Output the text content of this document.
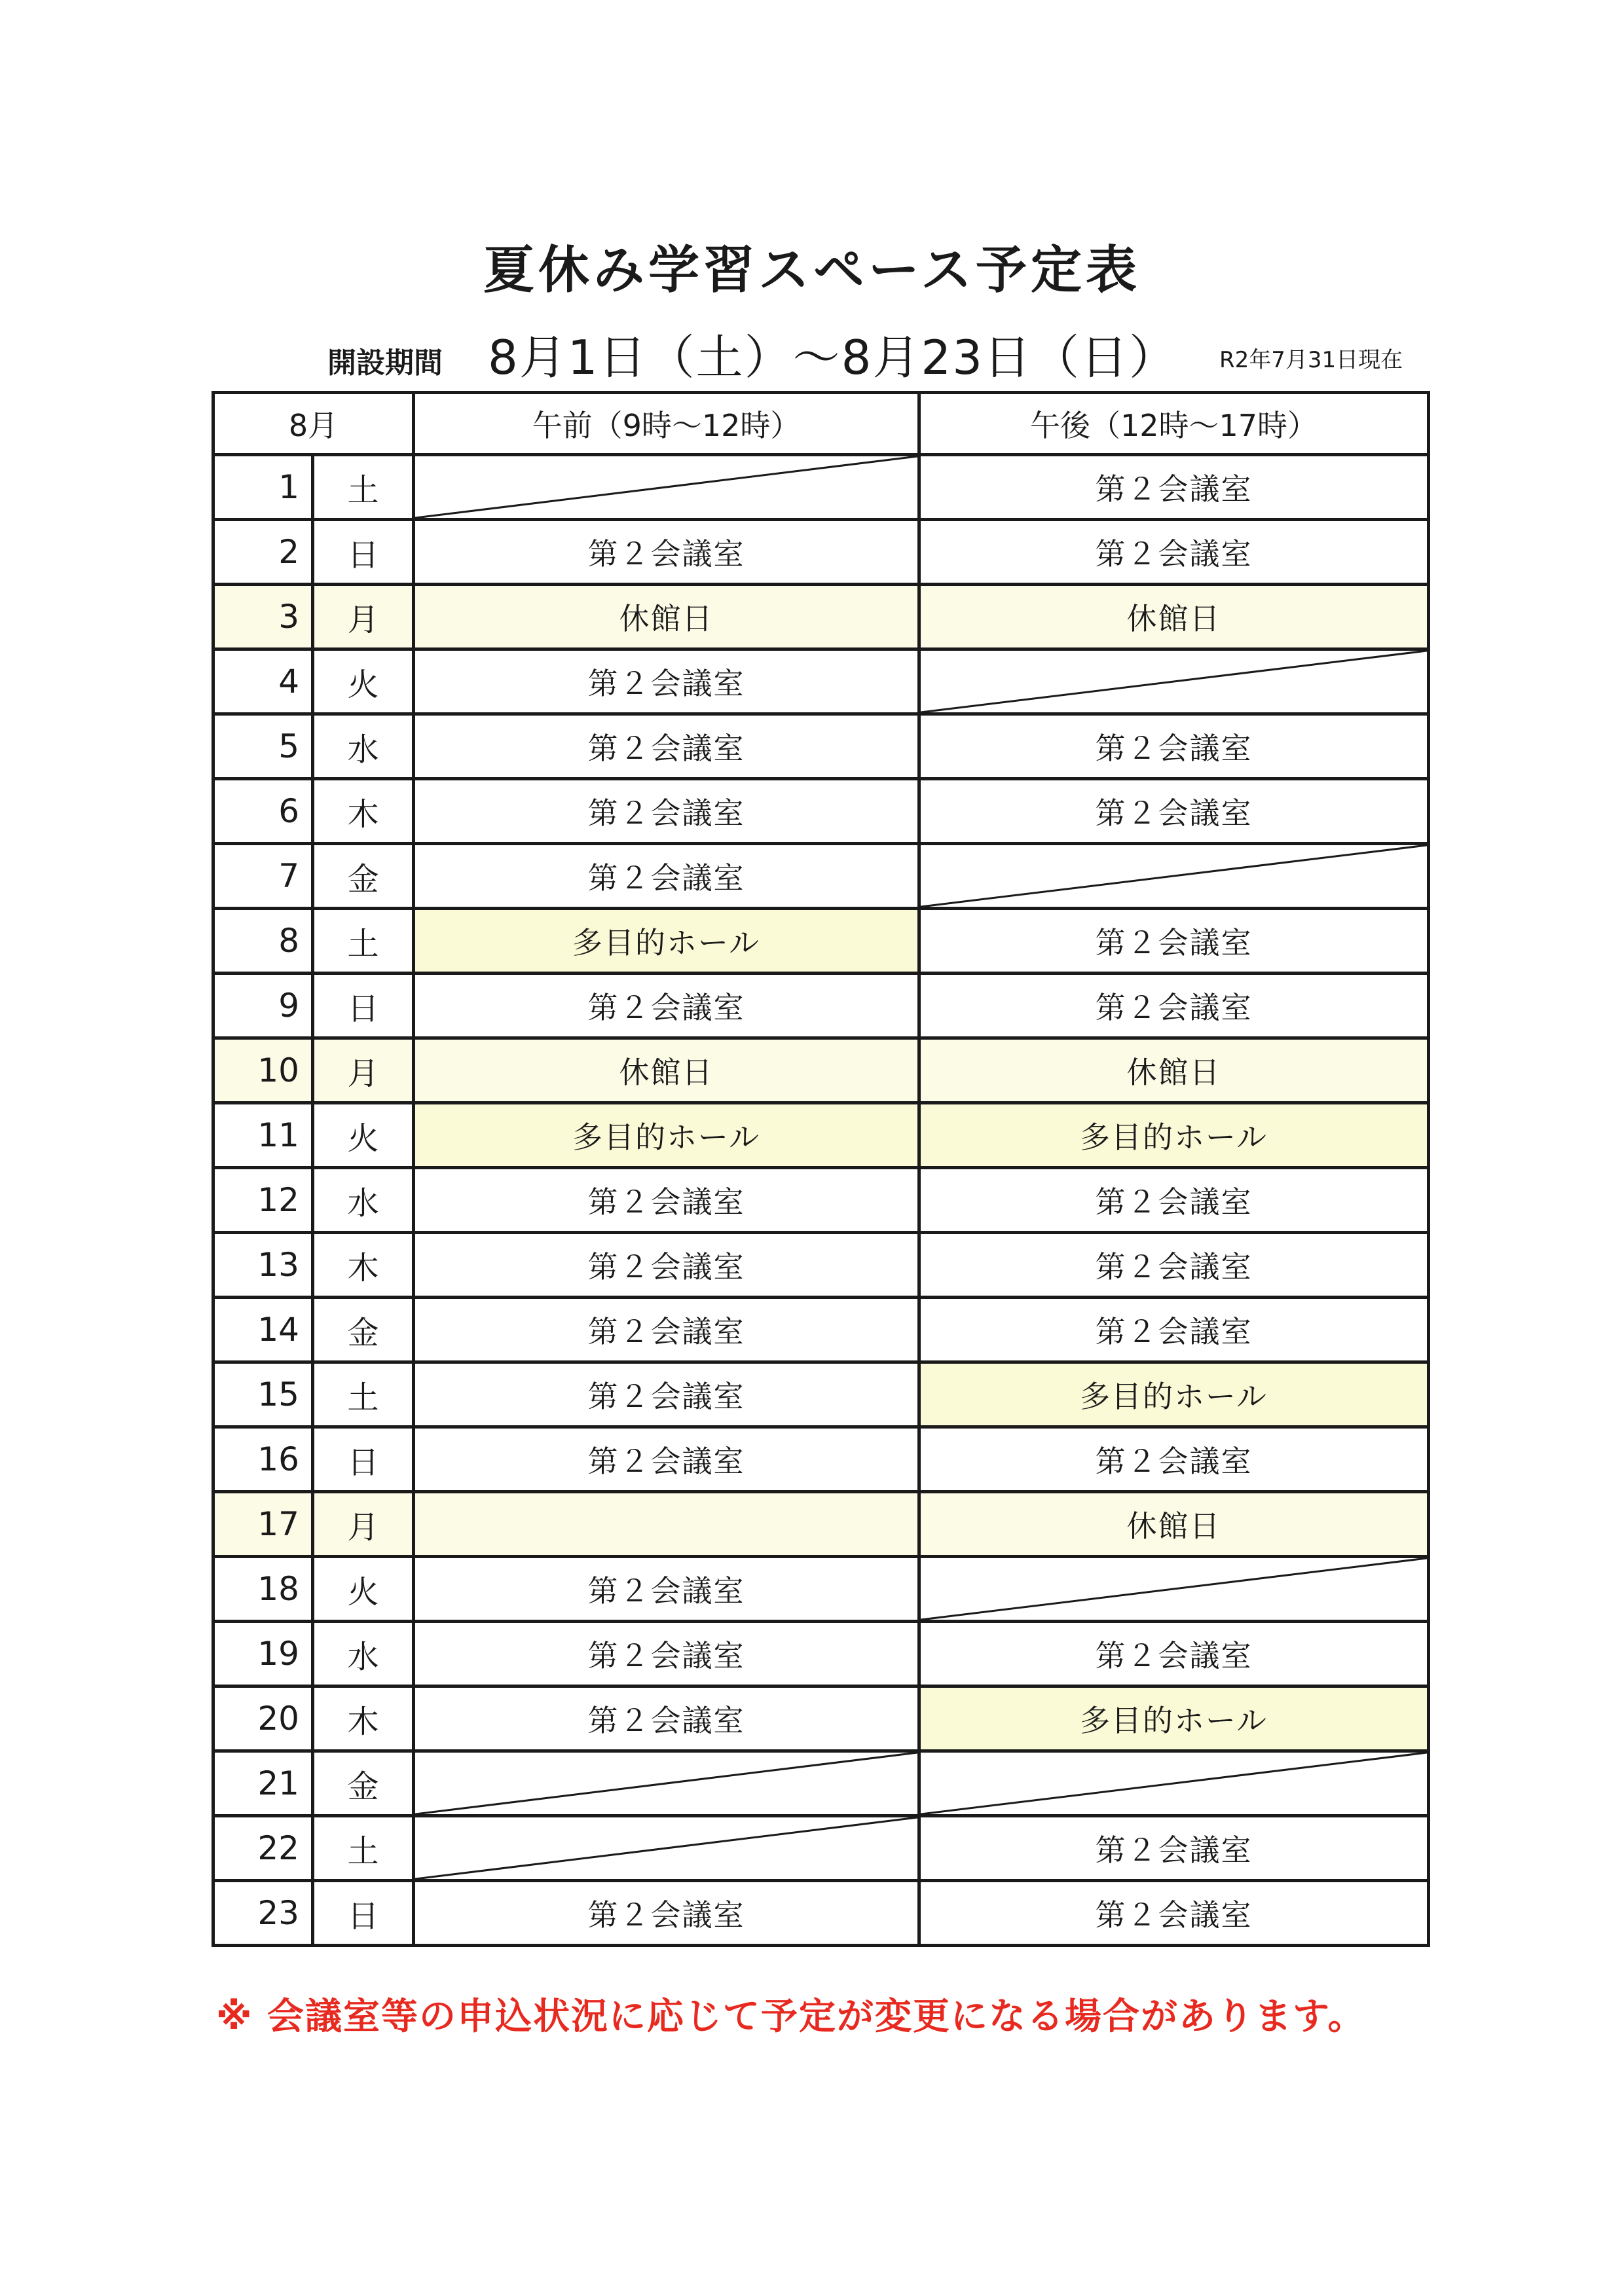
夏休み学習スペース予定表
開設期間 8月1日（土）～8月23日（日） R2年7月31日現在
8月		午前（9時～12時）	午後（12時～17時）
1	土		第２会議室
2	日	第２会議室	第２会議室
3	月	休館日	休館日
4	火	第２会議室	

5	水	第２会議室	第２会議室
6	木	第２会議室	第２会議室
7	金	第２会議室	

8	土	多目的ホール	第２会議室
9	日	第２会議室	第２会議室
10	月	休館日	休館日
11	火	多目的ホール	多目的ホール
12	水	第２会議室	第２会議室
13	木	第２会議室	第２会議室
14	金	第２会議室	第２会議室
15	土	第２会議室	多目的ホール
16	日	第２会議室	第２会議室
17	月		休館日
18	火	第２会議室	

19	水	第２会議室	第２会議室
20	木	第２会議室	多目的ホール
21	金	

22	土		第２会議室
23	日	第２会議室	第２会議室
※ 会議室等の申込状況に応じて予定が変更になる場合があります。
